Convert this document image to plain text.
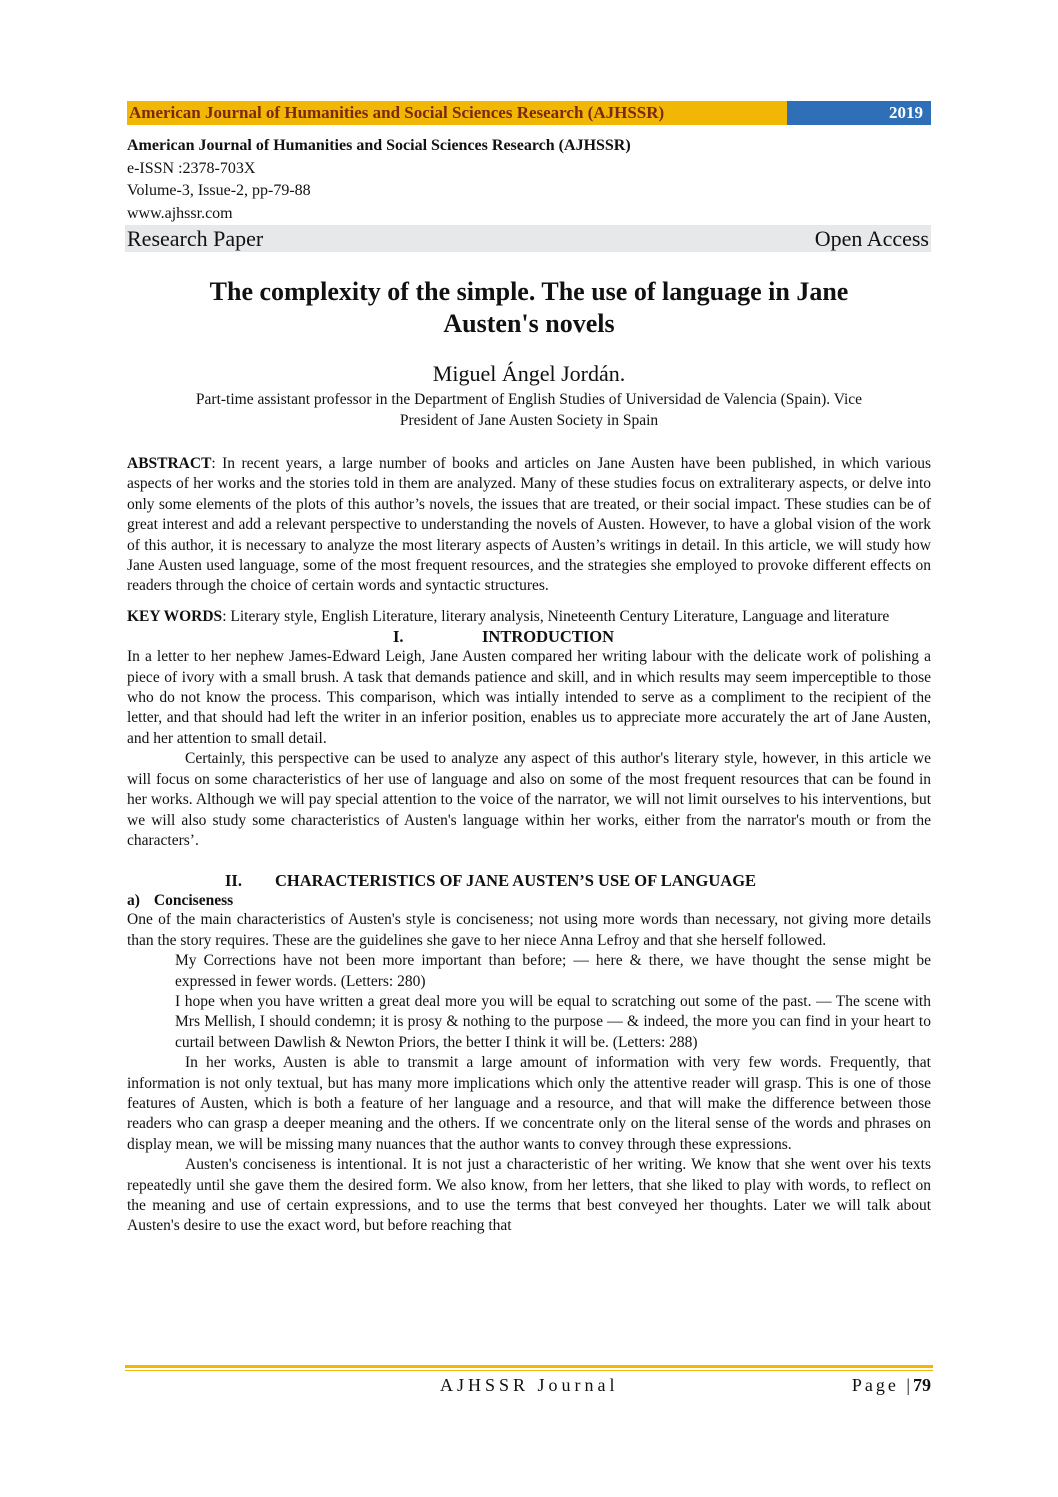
American Journal of Humanities and Social Sciences Research (AJHSSR)	2019
American Journal of Humanities and Social Sciences Research (AJHSSR)
e-ISSN :2378-703X
Volume-3, Issue-2, pp-79-88
www.ajhssr.com
Research Paper	Open Access
The complexity of the simple. The use of language in Jane
Austen's novels
Miguel Ángel Jordán.
Part-time assistant professor in the Department of English Studies of Universidad de Valencia (Spain). Vice
President of Jane Austen Society in Spain

ABSTRACT: In recent years, a large number of books and articles on Jane Austen have been published, in which various aspects of her works and the stories told in them are analyzed. Many of these studies focus on extraliterary aspects, or delve into only some elements of the plots of this author’s novels, the issues that are treated, or their social impact. These studies can be of great interest and add a relevant perspective to understanding the novels of Austen. However, to have a global vision of the work of this author, it is necessary to analyze the most literary aspects of Austen’s writings in detail. In this article, we will study how Jane Austen used language, some of the most frequent resources, and the strategies she employed to provoke different effects on readers through the choice of certain words and syntactic structures.

KEY WORDS: Literary style, English Literature, literary analysis, Nineteenth Century Literature, Language and literature

I.	INTRODUCTION

In a letter to her nephew James-Edward Leigh, Jane Austen compared her writing labour with the delicate work of polishing a piece of ivory with a small brush. A task that demands patience and skill, and in which results may seem imperceptible to those who do not know the process. This comparison, which was intially intended to serve as a compliment to the recipient of the letter, and that should had left the writer in an inferior position, enables us to appreciate more accurately the art of Jane Austen, and her attention to small detail.

Certainly, this perspective can be used to analyze any aspect of this author's literary style, however, in this article we will focus on some characteristics of her use of language and also on some of the most frequent resources that can be found in her works. Although we will pay special attention to the voice of the narrator, we will not limit ourselves to his interventions, but we will also study some characteristics of Austen's language within her works, either from the narrator's mouth or from the characters’.

II. CHARACTERISTICS OF JANE AUSTEN’S USE OF LANGUAGE
a) Conciseness

One of the main characteristics of Austen's style is conciseness; not using more words than necessary, not giving more details than the story requires. These are the guidelines she gave to her niece Anna Lefroy and that she herself followed.

My Corrections have not been more important than before; — here & there, we have thought the sense might be expressed in fewer words. (Letters: 280)

I hope when you have written a great deal more you will be equal to scratching out some of the past. — The scene with Mrs Mellish, I should condemn; it is prosy & nothing to the purpose — & indeed, the more you can find in your heart to curtail between Dawlish & Newton Priors, the better I think it will be. (Letters: 288)

In her works, Austen is able to transmit a large amount of information with very few words. Frequently, that information is not only textual, but has many more implications which only the attentive reader will grasp. This is one of those features of Austen, which is both a feature of her language and a resource, and that will make the difference between those readers who can grasp a deeper meaning and the others. If we concentrate only on the literal sense of the words and phrases on display mean, we will be missing many nuances that the author wants to convey through these expressions.

Austen's conciseness is intentional. It is not just a characteristic of her writing. We know that she went over his texts repeatedly until she gave them the desired form. We also know, from her letters, that she liked to play with words, to reflect on the meaning and use of certain expressions, and to use the terms that best conveyed her thoughts. Later we will talk about Austen's desire to use the exact word, but before reaching that

AJHSSR Journal	Page |79
